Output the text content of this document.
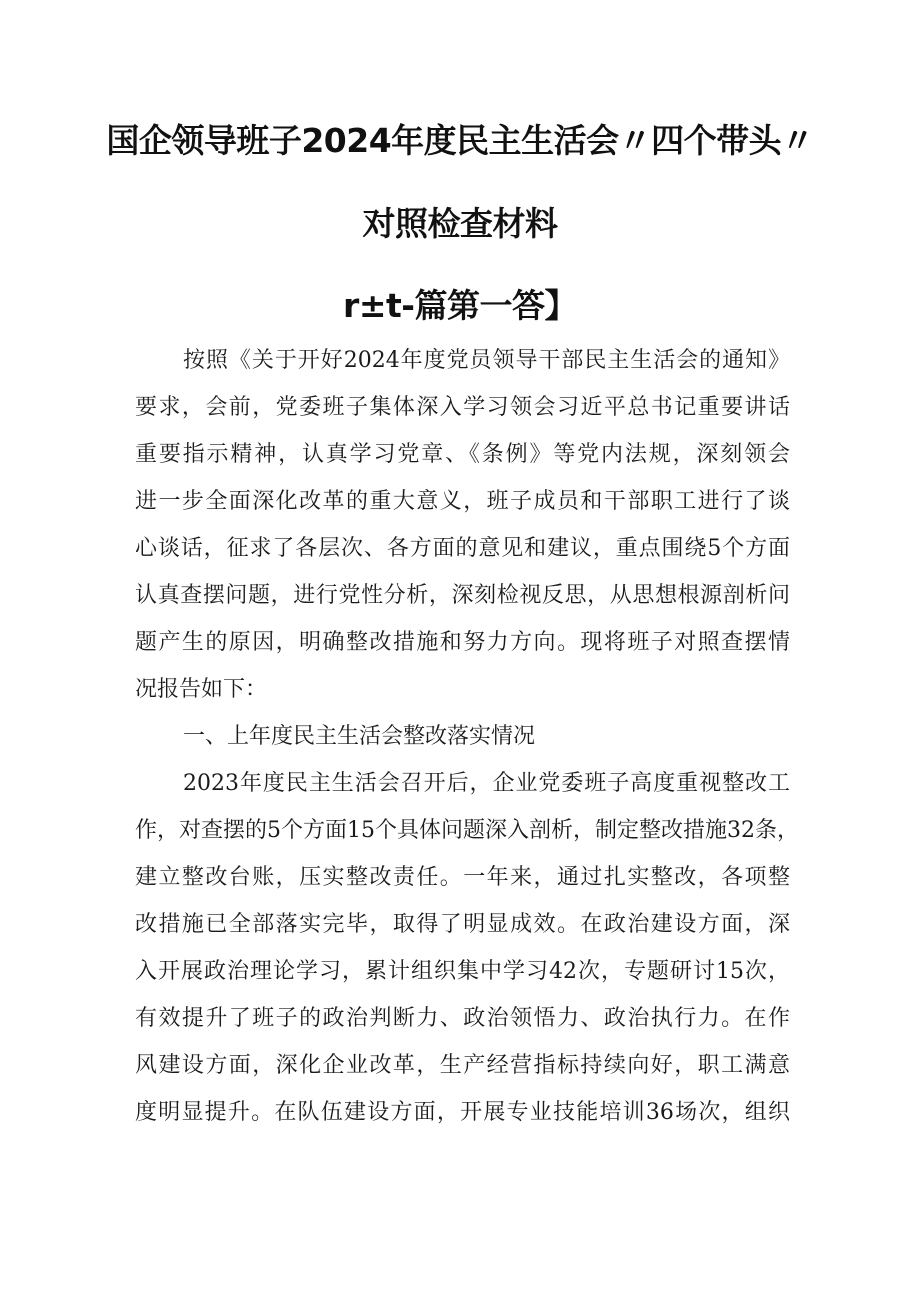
国企领导班子2024年度民主生活会〃四个带头〃
对照检查材料
r±t-篇第一答】
按照《关于开好2024年度党员领导干部民主生活会的通知》
要求，会前，党委班子集体深入学习领会习近平总书记重要讲话
重要指示精神，认真学习党章、《条例》等党内法规，深刻领会
进一步全面深化改革的重大意义，班子成员和干部职工进行了谈
心谈话，征求了各层次、各方面的意见和建议，重点围绕5个方面
认真查摆问题，进行党性分析，深刻检视反思，从思想根源剖析问
题产生的原因，明确整改措施和努力方向。现将班子对照查摆情
况报告如下：
一、上年度民主生活会整改落实情况
2023年度民主生活会召开后，企业党委班子高度重视整改工
作，对查摆的5个方面15个具体问题深入剖析，制定整改措施32条，
建立整改台账，压实整改责任。一年来，通过扎实整改，各项整
改措施已全部落实完毕，取得了明显成效。在政治建设方面，深
入开展政治理论学习，累计组织集中学习42次，专题研讨15次，
有效提升了班子的政治判断力、政治领悟力、政治执行力。在作
风建设方面，深化企业改革，生产经营指标持续向好，职工满意
度明显提升。在队伍建设方面，开展专业技能培训36场次，组织
